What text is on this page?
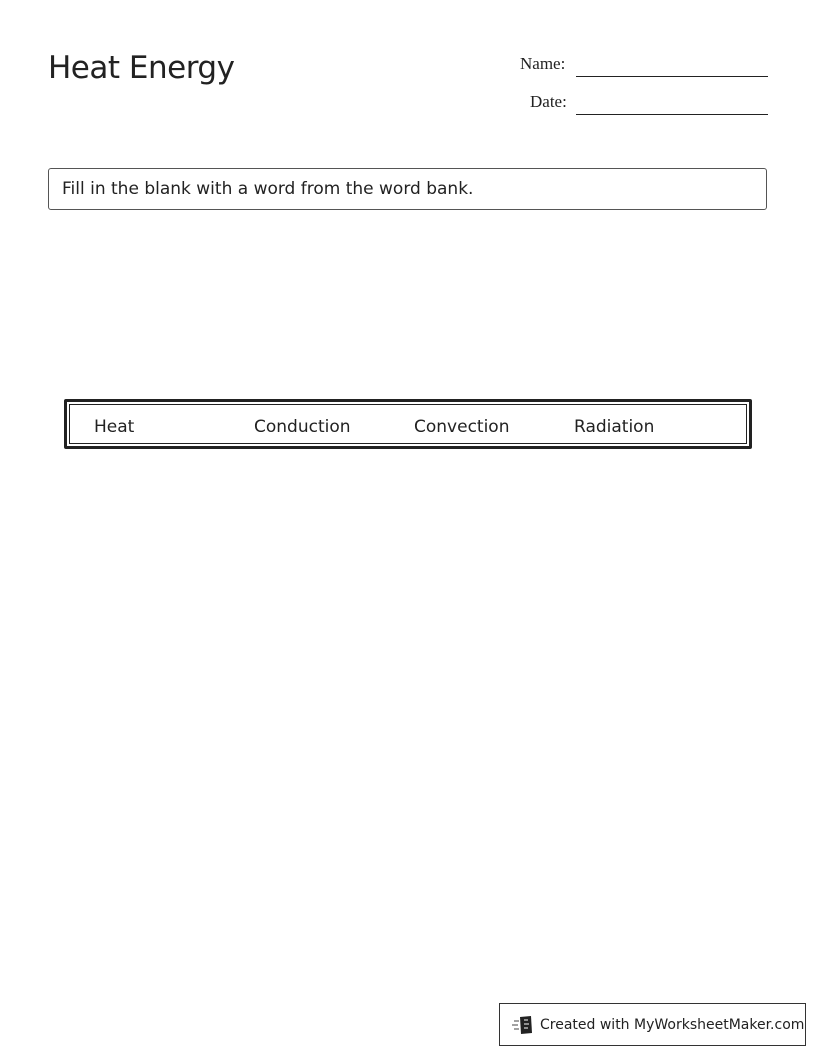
Heat Energy	Name:
Date:
Fill in the blank with a word from the word bank.
Heat	Conduction	Convection	Radiation
Created with MyWorksheetMaker.com
